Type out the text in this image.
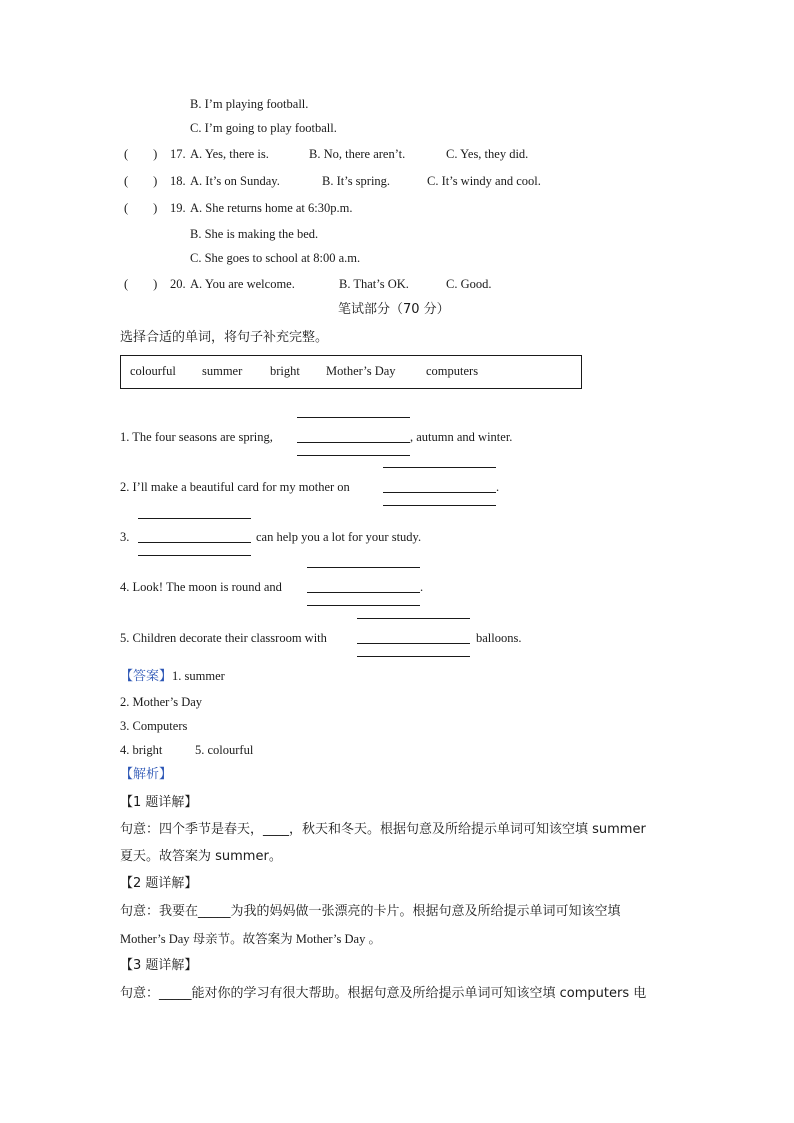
B. I’m playing football.
C. I’m going to play football.
(　　) 17. A. Yes, there is.	B. No, there aren’t.	C. Yes, they did.
(　　) 18. A. It’s on Sunday.	B. It’s spring.	C. It’s windy and cool.
(　　) 19. A. She returns home at 6:30p.m.
B. She is making the bed.
C. She goes to school at 8:00 a.m.
(　　) 20. A. You are welcome.	B. That’s OK.	C. Good.
笔试部分（70 分）
选择合适的单词，将句子补充完整。
colourful summer bright Mother’s Day computers
1. The four seasons are spring,	, autumn and winter.
2. I’ll make a beautiful card for my mother on	.
3.	can help you a lot for your study.
4. Look! The moon is round and	.
5. Children decorate their classroom with	balloons.
【答案】1. summer
2. Mother’s Day
3. Computers
4. bright	5. colourful
【解析】
【1 题详解】
句意：四个季节是春天，____，秋天和冬天。根据句意及所给提示单词可知该空填 summer
夏天。故答案为 summer。
【2 题详解】
句意：我要在_____为我的妈妈做一张漂亮的卡片。根据句意及所给提示单词可知该空填
Mother’s Day 母亲节。故答案为 Mother’s Day 。
【3 题详解】
句意：_____能对你的学习有很大帮助。根据句意及所给提示单词可知该空填 computers 电
